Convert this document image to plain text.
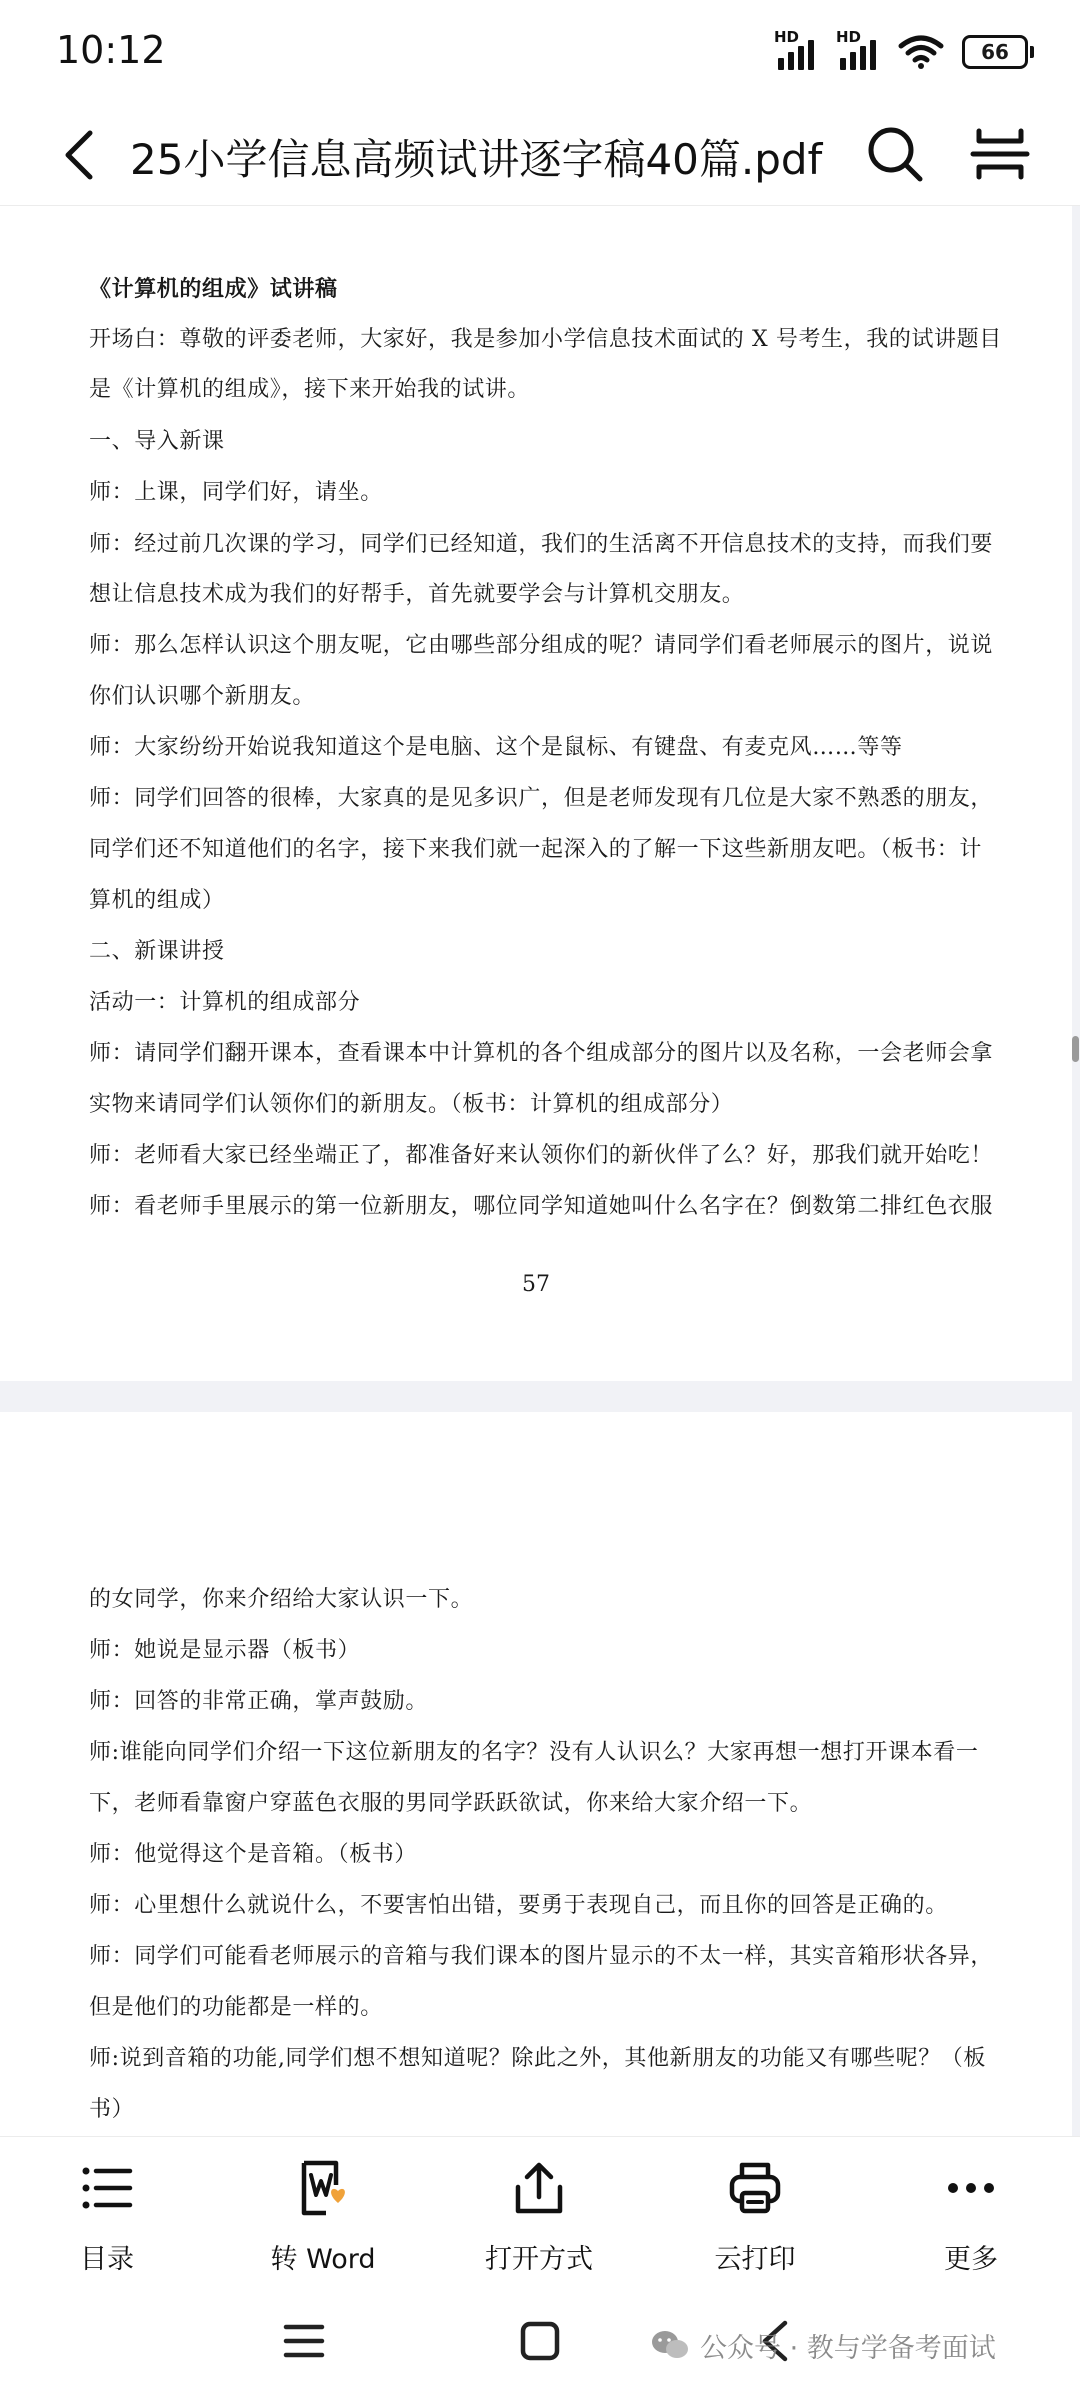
10:12	HD HD
66
25小学信息高频试讲逐字稿40篇.pdf
《计算机的组成》试讲稿
开场白：尊敬的评委老师，大家好，我是参加小学信息技术面试的 X 号考生，我的试讲题目
是《计算机的组成》，接下来开始我的试讲。
一、导入新课
师：上课，同学们好，请坐。
师：经过前几次课的学习，同学们已经知道，我们的生活离不开信息技术的支持，而我们要
想让信息技术成为我们的好帮手，首先就要学会与计算机交朋友。
师：那么怎样认识这个朋友呢，它由哪些部分组成的呢？请同学们看老师展示的图片，说说
你们认识哪个新朋友。
师：大家纷纷开始说我知道这个是电脑、这个是鼠标、有键盘、有麦克风……等等
师：同学们回答的很棒，大家真的是见多识广，但是老师发现有几位是大家不熟悉的朋友，
同学们还不知道他们的名字，接下来我们就一起深入的了解一下这些新朋友吧。（板书：计
算机的组成）
二、新课讲授
活动一：计算机的组成部分
师：请同学们翻开课本，查看课本中计算机的各个组成部分的图片以及名称，一会老师会拿
实物来请同学们认领你们的新朋友。（板书：计算机的组成部分）
师：老师看大家已经坐端正了，都准备好来认领你们的新伙伴了么？好，那我们就开始吃！
师：看老师手里展示的第一位新朋友，哪位同学知道她叫什么名字在？倒数第二排红色衣服
57
的女同学，你来介绍给大家认识一下。
师：她说是显示器（板书）
师：回答的非常正确，掌声鼓励。
师:谁能向同学们介绍一下这位新朋友的名字？没有人认识么？大家再想一想打开课本看一
下，老师看靠窗户穿蓝色衣服的男同学跃跃欲试，你来给大家介绍一下。
师：他觉得这个是音箱。（板书）
师：心里想什么就说什么，不要害怕出错，要勇于表现自己，而且你的回答是正确的。
师：同学们可能看老师展示的音箱与我们课本的图片显示的不太一样，其实音箱形状各异，
但是他们的功能都是一样的。
师:说到音箱的功能,同学们想不想知道呢？除此之外，其他新朋友的功能又有哪些呢？（板
书）
目录	转 Word	打开方式	云打印	更多
公众号 · 教与学备考面试
